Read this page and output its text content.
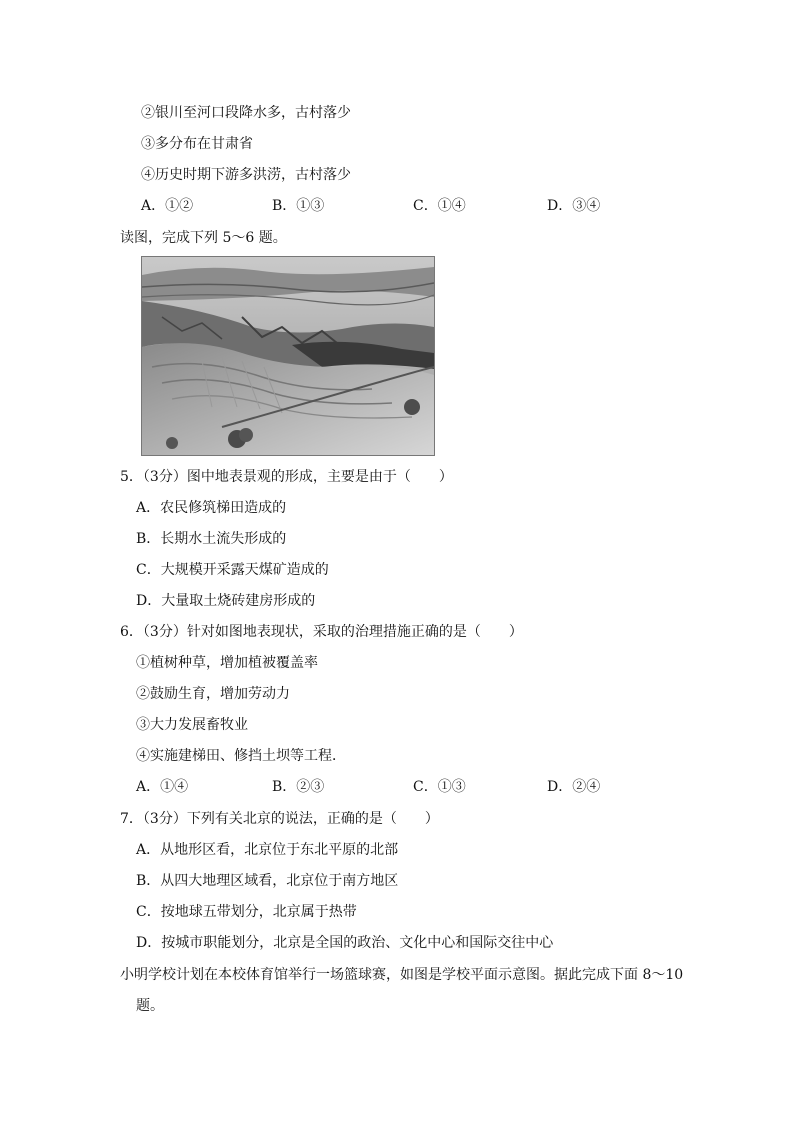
②银川至河口段降水多，古村落少
③多分布在甘肃省
④历史时期下游多洪涝，古村落少
A．①②	B．①③	C．①④	D．③④
读图，完成下列 5～6 题。
5．（3分）图中地表景观的形成，主要是由于（　　）
A．农民修筑梯田造成的
B．长期水土流失形成的
C．大规模开采露天煤矿造成的
D．大量取土烧砖建房形成的
6．（3分）针对如图地表现状，采取的治理措施正确的是（　　）
①植树种草，增加植被覆盖率
②鼓励生育，增加劳动力
③大力发展畜牧业
④实施建梯田、修挡土坝等工程．
A．①④	B．②③	C．①③	D．②④
7．（3分）下列有关北京的说法，正确的是（　　）
A．从地形区看，北京位于东北平原的北部
B．从四大地理区域看，北京位于南方地区
C．按地球五带划分，北京属于热带
D．按城市职能划分，北京是全国的政治、文化中心和国际交往中心
小明学校计划在本校体育馆举行一场篮球赛，如图是学校平面示意图。据此完成下面 8～10
题。
